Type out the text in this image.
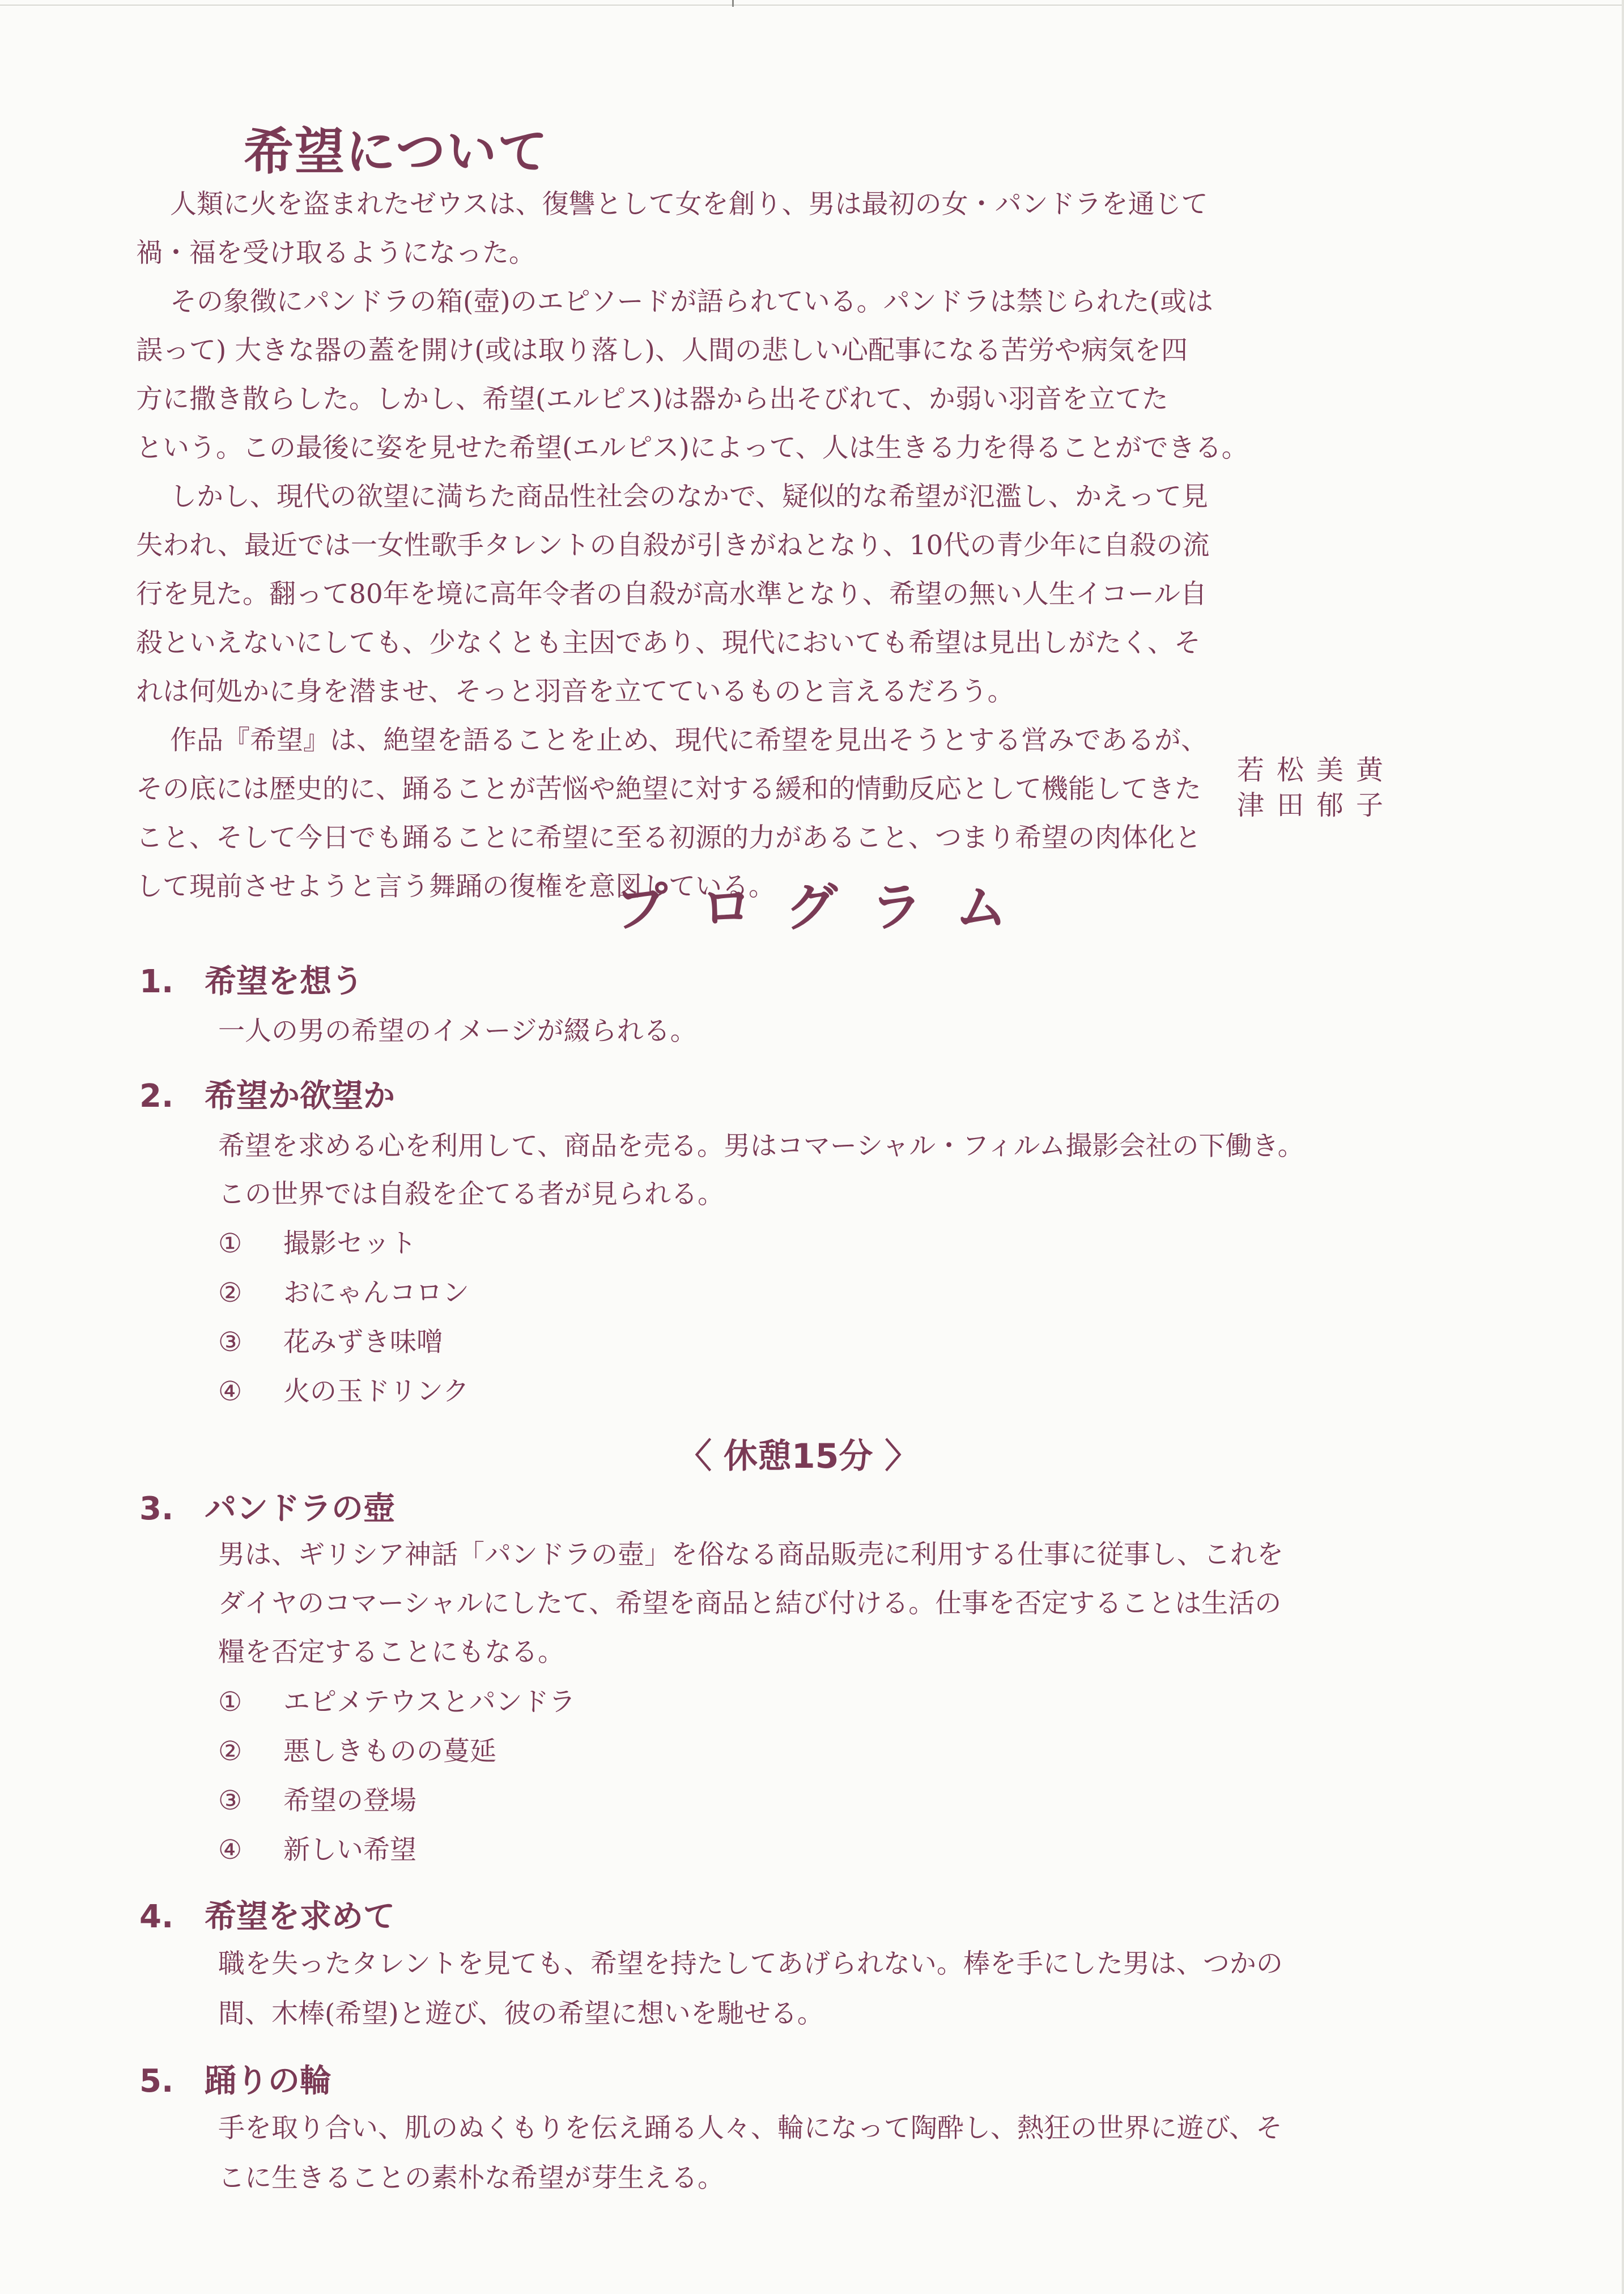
希望について

人類に火を盗まれたゼウスは、復讐として女を創り、男は最初の女・パンドラを通じて

禍・福を受け取るようになった。

その象徴にパンドラの箱(壺)のエピソードが語られている。パンドラは禁じられた(或は

誤って) 大きな器の蓋を開け(或は取り落し)、人間の悲しい心配事になる苦労や病気を四

方に撒き散らした。しかし、希望(エルピス)は器から出そびれて、か弱い羽音を立てた

という。この最後に姿を見せた希望(エルピス)によって、人は生きる力を得ることができる。

しかし、現代の欲望に満ちた商品性社会のなかで、疑似的な希望が氾濫し、かえって見

失われ、最近では一女性歌手タレントの自殺が引きがねとなり、10代の青少年に自殺の流

行を見た。翻って80年を境に高年令者の自殺が高水準となり、希望の無い人生イコール自

殺といえないにしても、少なくとも主因であり、現代においても希望は見出しがたく、そ

れは何処かに身を潜ませ、そっと羽音を立てているものと言えるだろう。

作品『希望』は、絶望を語ることを止め、現代に希望を見出そうとする営みであるが、

その底には歴史的に、踊ることが苦悩や絶望に対する緩和的情動反応として機能してきた

こと、そして今日でも踊ることに希望に至る初源的力があること、つまり希望の肉体化と

して現前させようと言う舞踊の復権を意図している。

若松美黄
津田郁子
プログラム
1. 希望を想う
一人の男の希望のイメージが綴られる。
2. 希望か欲望か
希望を求める心を利用して、商品を売る。男はコマーシャル・フィルム撮影会社の下働き。
この世界では自殺を企てる者が見られる。
① 撮影セット
② おにゃんコロン
③ 花みずき味噌
④ 火の玉ドリンク
〈 休憩15分 〉
3. パンドラの壺
男は、ギリシア神話「パンドラの壺」を俗なる商品販売に利用する仕事に従事し、これを
ダイヤのコマーシャルにしたて、希望を商品と結び付ける。仕事を否定することは生活の
糧を否定することにもなる。
① エピメテウスとパンドラ
② 悪しきものの蔓延
③ 希望の登場
④ 新しい希望
4. 希望を求めて
職を失ったタレントを見ても、希望を持たしてあげられない。棒を手にした男は、つかの
間、木棒(希望)と遊び、彼の希望に想いを馳せる。
5. 踊りの輪
手を取り合い、肌のぬくもりを伝え踊る人々、輪になって陶酔し、熱狂の世界に遊び、そ
こに生きることの素朴な希望が芽生える。
